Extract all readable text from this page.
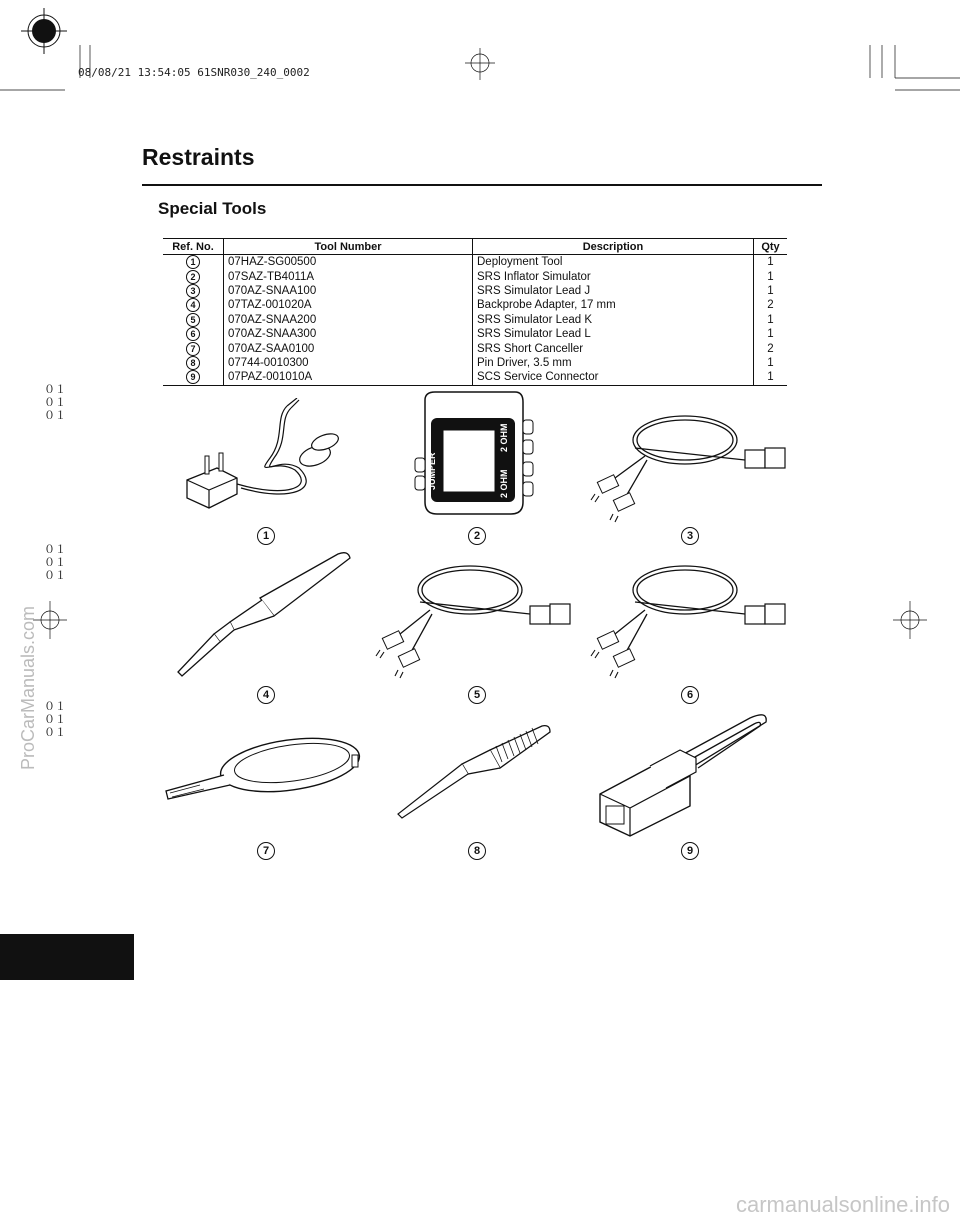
08/08/21 13:54:05 61SNR030_240_0002
Restraints
Special Tools
Ref. No.	Tool Number	Description	Qty
1	07HAZ-SG00500	Deployment Tool	1
2	07SAZ-TB4011A	SRS Inflator Simulator	1
3	070AZ-SNAA100	SRS Simulator Lead J	1
4	07TAZ-001020A	Backprobe Adapter, 17 mm	2
5	070AZ-SNAA200	SRS Simulator Lead K	1
6	070AZ-SNAA300	SRS Simulator Lead L	1
7	070AZ-SAA0100	SRS Short Canceller	2
8	07744-0010300	Pin Driver, 3.5 mm	1
9	07PAZ-001010A	SCS Service Connector	1
JUMPER
2 OHM
2 OHM
1	2	3
4	5	6
7	8	9
０１
０１
０１
０１
０１
０１
０１
０１
０１
ProCarManuals.com
carmanualsonline.info
